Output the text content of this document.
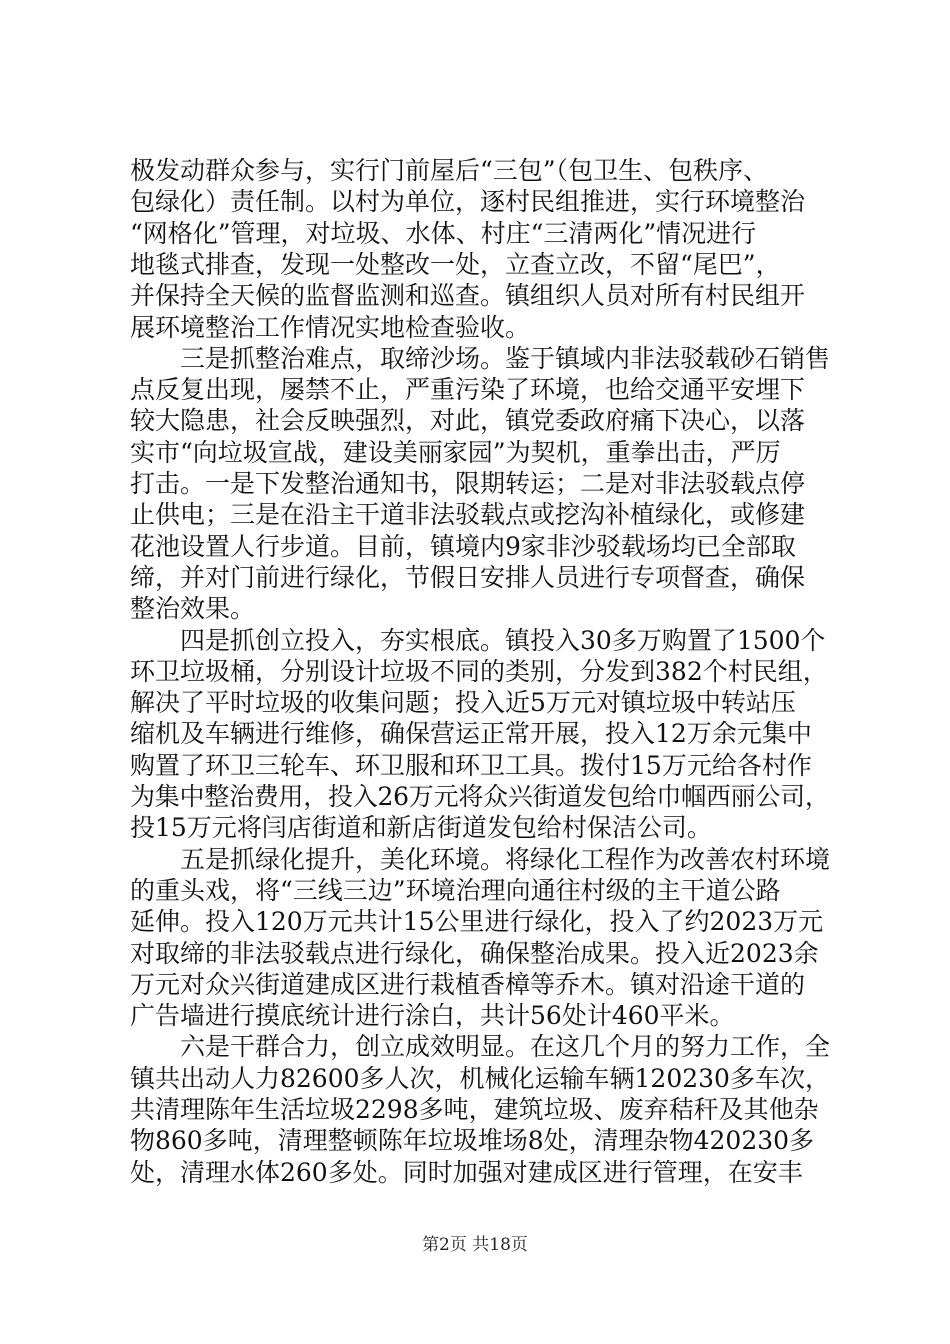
极发动群众参与，实行门前屋后“三包”（包卫生、包秩序、
包绿化）责任制。以村为单位，逐村民组推进，实行环境整治
“网格化”管理，对垃圾、水体、村庄“三清两化”情况进行
地毯式排查，发现一处整改一处，立查立改，不留“尾巴”，
并保持全天候的监督监测和巡查。镇组织人员对所有村民组开
展环境整治工作情况实地检查验收。
　　三是抓整治难点，取缔沙场。鉴于镇域内非法驳载砂石销售
点反复出现，屡禁不止，严重污染了环境，也给交通平安埋下
较大隐患，社会反映强烈，对此，镇党委政府痛下决心，以落
实市“向垃圾宣战，建设美丽家园”为契机，重拳出击，严厉
打击。一是下发整治通知书，限期转运；二是对非法驳载点停
止供电；三是在沿主干道非法驳载点或挖沟补植绿化，或修建
花池设置人行步道。目前，镇境内9家非沙驳载场均已全部取
缔，并对门前进行绿化，节假日安排人员进行专项督查，确保
整治效果。
　　四是抓创立投入，夯实根底。镇投入30多万购置了1500个
环卫垃圾桶，分别设计垃圾不同的类别，分发到382个村民组，
解决了平时垃圾的收集问题；投入近5万元对镇垃圾中转站压
缩机及车辆进行维修，确保营运正常开展，投入12万余元集中
购置了环卫三轮车、环卫服和环卫工具。拨付15万元给各村作
为集中整治费用，投入26万元将众兴街道发包给巾帼西丽公司，
投15万元将闫店街道和新店街道发包给村保洁公司。
　　五是抓绿化提升，美化环境。将绿化工程作为改善农村环境
的重头戏，将“三线三边”环境治理向通往村级的主干道公路
延伸。投入120万元共计15公里进行绿化，投入了约2023万元
对取缔的非法驳载点进行绿化，确保整治成果。投入近2023余
万元对众兴街道建成区进行栽植香樟等乔木。镇对沿途干道的
广告墙进行摸底统计进行涂白，共计56处计460平米。
　　六是干群合力，创立成效明显。在这几个月的努力工作，全
镇共出动人力82600多人次，机械化运输车辆120230多车次，
共清理陈年生活垃圾2298多吨，建筑垃圾、废弃秸秆及其他杂
物860多吨，清理整顿陈年垃圾堆场8处，清理杂物420230多
处，清理水体260多处。同时加强对建成区进行管理，在安丰
第2页 共18页
